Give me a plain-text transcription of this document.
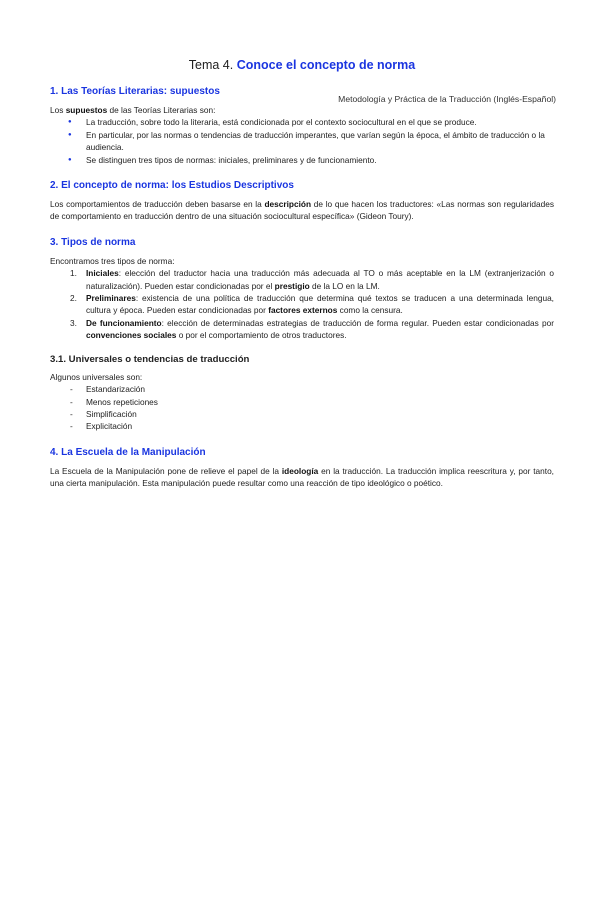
Metodología y Práctica de la Traducción (Inglés-Español)
Tema 4. Conoce el concepto de norma
1. Las Teorías Literarias: supuestos

Los supuestos de las Teorías Literarias son:

● La traducción, sobre todo la literaria, está condicionada por el contexto sociocultural en el que se produce.
● En particular, por las normas o tendencias de traducción imperantes, que varían según la época, el ámbito de traducción o la audiencia.
● Se distinguen tres tipos de normas: iniciales, preliminares y de funcionamiento.
2. El concepto de norma: los Estudios Descriptivos

Los comportamientos de traducción deben basarse en la descripción de lo que hacen los traductores: «Las normas son regularidades de comportamiento en traducción dentro de una situación sociocultural específica» (Gideon Toury).

3. Tipos de norma

Encontramos tres tipos de norma:

1. Iniciales: elección del traductor hacia una traducción más adecuada al TO o más aceptable en la LM (extranjerización o naturalización). Pueden estar condicionadas por el prestigio de la LO en la LM.
2. Preliminares: existencia de una política de traducción que determina qué textos se traducen a una determinada lengua, cultura y época. Pueden estar condicionadas por factores externos como la censura.
3. De funcionamiento: elección de determinadas estrategias de traducción de forma regular. Pueden estar condicionadas por convenciones sociales o por el comportamiento de otros traductores.
3.1. Universales o tendencias de traducción

Algunos universales son:

- Estandarización
- Menos repeticiones
- Simplificación
- Explicitación
4. La Escuela de la Manipulación

La Escuela de la Manipulación pone de relieve el papel de la ideología en la traducción. La traducción implica reescritura y, por tanto, una cierta manipulación. Esta manipulación puede resultar como una reacción de tipo ideológico o poético.
